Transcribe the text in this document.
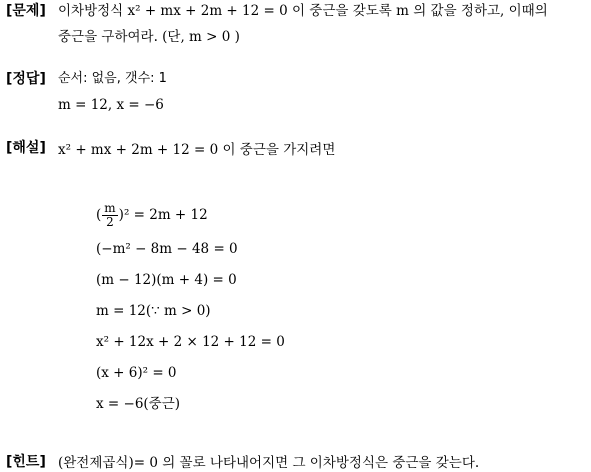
[문제] 이차방정식 x² + mx + 2m + 12 = 0 이 중근을 갖도록 m 의 값을 정하고, 이때의
중근을 구하여라. (단, m > 0 )
[정답] 순서: 없음, 갯수: 1
m = 12, x = −6
[해설] x² + mx + 2m + 12 = 0 이 중근을 가지려면
( $\frac{m}{2} )^2 = 2m + 12$
(−m² − 8m − 48 = 0
(m − 12)(m + 4) = 0
m = 12(∵ m > 0)
x² + 12x + 2 × 12 + 12 = 0
(x + 6)² = 0
x = −6(중근)
[힌트] (완전제곱식)= 0 의 꼴로 나타내어지면 그 이차방정식은 중근을 갖는다.
